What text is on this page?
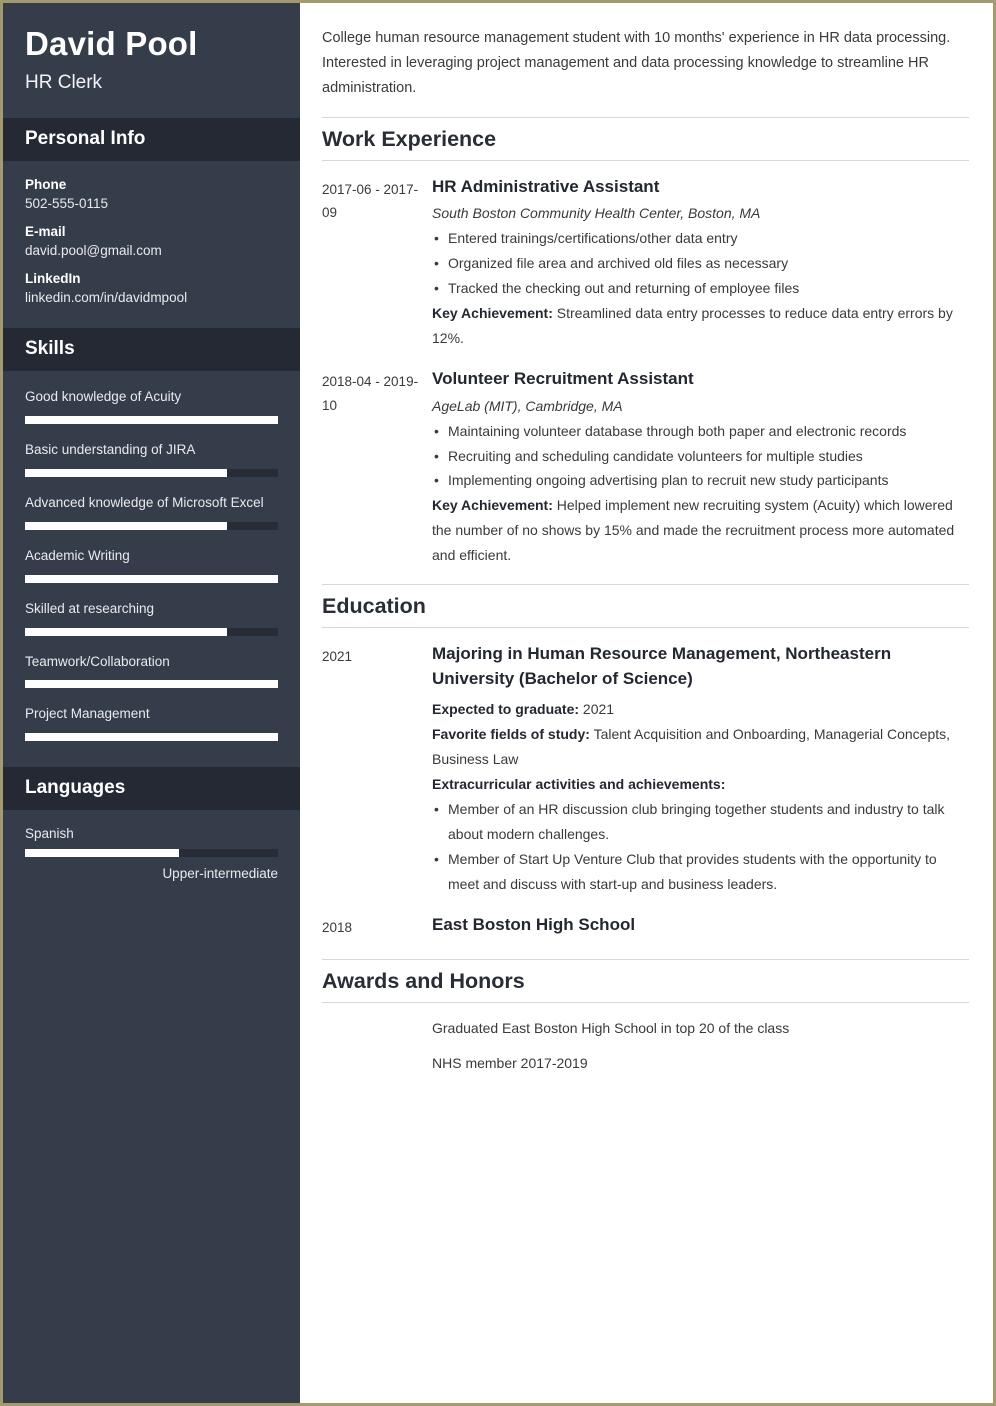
David Pool
HR Clerk
Personal Info
Phone
502-555-0115
E-mail
david.pool@gmail.com
LinkedIn
linkedin.com/in/davidmpool
Skills
Good knowledge of Acuity
Basic understanding of JIRA
Advanced knowledge of Microsoft Excel
Academic Writing
Skilled at researching
Teamwork/Collaboration
Project Management
Languages
Spanish
Upper-intermediate

College human resource management student with 10 months' experience in HR data processing. Interested in leveraging project management and data processing knowledge to streamline HR administration.

Work Experience
2017-06 - 2017-09
HR Administrative Assistant
South Boston Community Health Center, Boston, MA
• Entered trainings/certifications/other data entry
• Organized file area and archived old files as necessary
• Tracked the checking out and returning of employee files
Key Achievement: Streamlined data entry processes to reduce data entry errors by 12%.
2018-04 - 2019-10
Volunteer Recruitment Assistant
AgeLab (MIT), Cambridge, MA
• Maintaining volunteer database through both paper and electronic records
• Recruiting and scheduling candidate volunteers for multiple studies
• Implementing ongoing advertising plan to recruit new study participants
Key Achievement: Helped implement new recruiting system (Acuity) which lowered the number of no shows by 15% and made the recruitment process more automated and efficient.
Education
2021	Majoring in Human Resource Management, Northeastern University (Bachelor of Science)
Expected to graduate: 2021
Favorite fields of study: Talent Acquisition and Onboarding, Managerial Concepts, Business Law
Extracurricular activities and achievements:
• Member of an HR discussion club bringing together students and industry to talk about modern challenges.
• Member of Start Up Venture Club that provides students with the opportunity to meet and discuss with start-up and business leaders.
2018	East Boston High School
Awards and Honors
Graduated East Boston High School in top 20 of the class
NHS member 2017-2019
